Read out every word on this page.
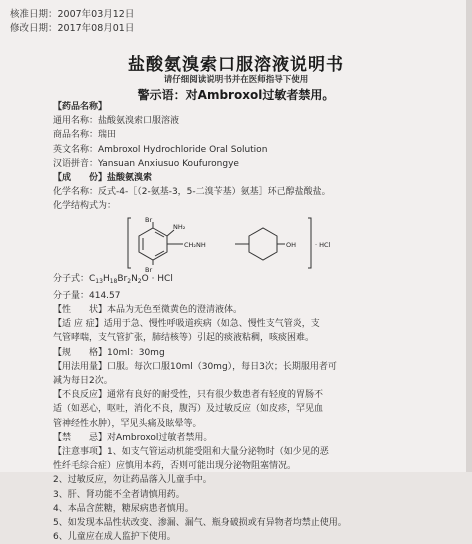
核准日期：2007年03月12日
修改日期：2017年08月01日
盐酸氨溴索口服溶液说明书
请仔细阅读说明书并在医师指导下使用
警示语：对Ambroxol过敏者禁用。
【药品名称】
通用名称：盐酸氨溴索口服溶液
商品名称：瑞田
英文名称：Ambroxol Hydrochloride Oral Solution
汉语拼音：Yansuan Anxiusuo Koufurongye
【成　　份】盐酸氨溴索
化学名称：反式-4-［（2-氨基-3，5-二溴苄基）氨基］环己醇盐酸盐。
化学结构式为：
Br
NH₂
Br
CH₂NH	OH	· HCl
分子式：$C_{13}H_{18}Br_2N_2O$ · HCl
分子量：414.57
【性　　状】本品为无色至微黄色的澄清液体。
【适 应 症】适用于急、慢性呼吸道疾病（如急、慢性支气管炎，支
气管哮喘，支气管扩张，肺结核等）引起的痰液粘稠，咳痰困难。
【规　　格】10ml：30mg
【用法用量】口服。每次口服10ml（30mg），每日3次；长期服用者可
减为每日2次。
【不良反应】通常有良好的耐受性，只有很少数患者有轻度的胃肠不
适（如恶心，呕吐，消化不良，腹泻）及过敏反应（如皮疹，罕见血
管神经性水肿），罕见头痛及眩晕等。
【禁　　忌】对Ambroxol过敏者禁用。
【注意事项】1、如支气管运动机能受阻和大量分泌物时（如少见的恶
性纤毛综合症）应慎用本药，否则可能出现分泌物阻塞情况。
2、过敏反应，勿让药品落入儿童手中。
3、肝、肾功能不全者请慎用药。
4、本品含蔗糖，糖尿病患者慎用。
5、如发现本品性状改变、渗漏、漏气、瓶身破损或有异物者均禁止使用。
6、儿童应在成人监护下使用。
